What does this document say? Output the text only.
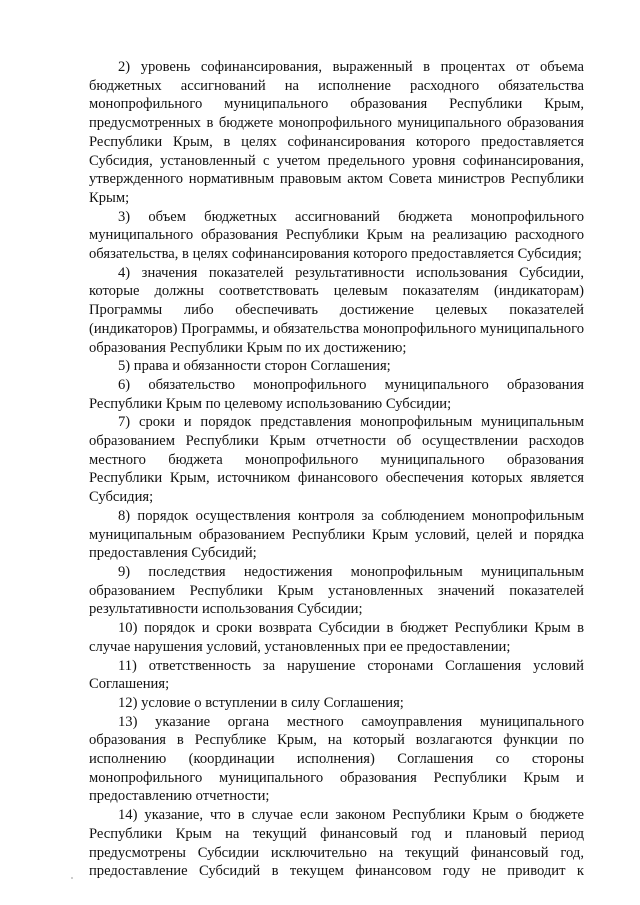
2) уровень софинансирования, выраженный в процентах от объема бюджетных ассигнований на исполнение расходного обязательства монопрофильного муниципального образования Республики Крым, предусмотренных в бюджете монопрофильного муниципального образования Республики Крым, в целях софинансирования которого предоставляется Субсидия, установленный с учетом предельного уровня софинансирования, утвержденного нормативным правовым актом Совета министров Республики Крым;

3) объем бюджетных ассигнований бюджета монопрофильного муниципального образования Республики Крым на реализацию расходного обязательства, в целях софинансирования которого предоставляется Субсидия;

4) значения показателей результативности использования Субсидии, которые должны соответствовать целевым показателям (индикаторам) Программы либо обеспечивать достижение целевых показателей (индикаторов) Программы, и обязательства монопрофильного муниципального образования Республики Крым по их достижению;

5) права и обязанности сторон Соглашения;

6) обязательство монопрофильного муниципального образования Республики Крым по целевому использованию Субсидии;

7) сроки и порядок представления монопрофильным муниципальным образованием Республики Крым отчетности об осуществлении расходов местного бюджета монопрофильного муниципального образования Республики Крым, источником финансового обеспечения которых является Субсидия;

8) порядок осуществления контроля за соблюдением монопрофильным муниципальным образованием Республики Крым условий, целей и порядка предоставления Субсидий;

9) последствия недостижения монопрофильным муниципальным образованием Республики Крым установленных значений показателей результативности использования Субсидии;

10) порядок и сроки возврата Субсидии в бюджет Республики Крым в случае нарушения условий, установленных при ее предоставлении;

11) ответственность за нарушение сторонами Соглашения условий Соглашения;

12) условие о вступлении в силу Соглашения;

13) указание органа местного самоуправления муниципального образования в Республике Крым, на который возлагаются функции по исполнению (координации исполнения) Соглашения со стороны монопрофильного муниципального образования Республики Крым и предоставлению отчетности;

14) указание, что в случае если законом Республики Крым о бюджете Республики Крым на текущий финансовый год и плановый период предусмотрены Субсидии исключительно на текущий финансовый год, предоставление Субсидий в текущем финансовом году не приводит к
